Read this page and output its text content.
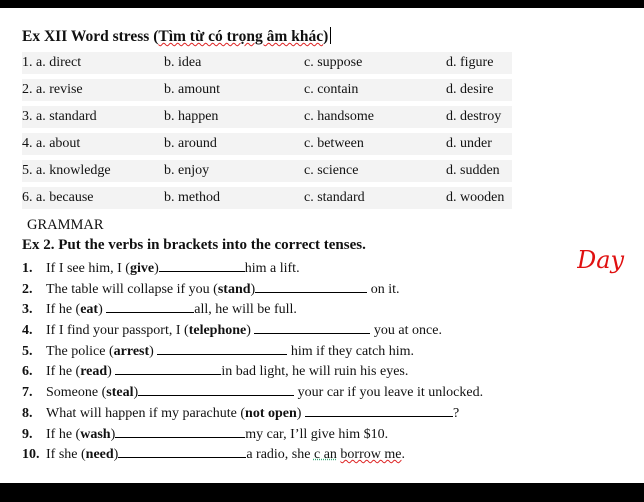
Ex XII Word stress (Tìm từ có trọng âm khác)
1. a. direct	b. idea	c. suppose	d. figure
2. a. revise	b. amount	c. contain	d. desire
3. a. standard	b. happen	c. handsome	d. destroy
4. a. about	b. around	c. between	d. under
5. a. knowledge	b. enjoy	c. science	d. sudden
6. a. because	b. method	c. standard	d. wooden
GRAMMAR
Ex 2. Put the verbs in brackets into the correct tenses.
1. If I see him, I (give)	him a lift.
2. The table will collapse if you (stand)	on it.
3. If he (eat)	all, he will be full.
4. If I find your passport, I (telephone)	you at once.
5. The police (arrest)	him if they catch him.
6. If he (read)	in bad light, he will ruin his eyes.
7. Someone (steal)	your car if you leave it unlocked.
8. What will happen if my parachute (not open)	?
9. If he (wash)	my car, I’ll give him $10.
10. If she (need)	a radio, she c an borrow me.
Day
